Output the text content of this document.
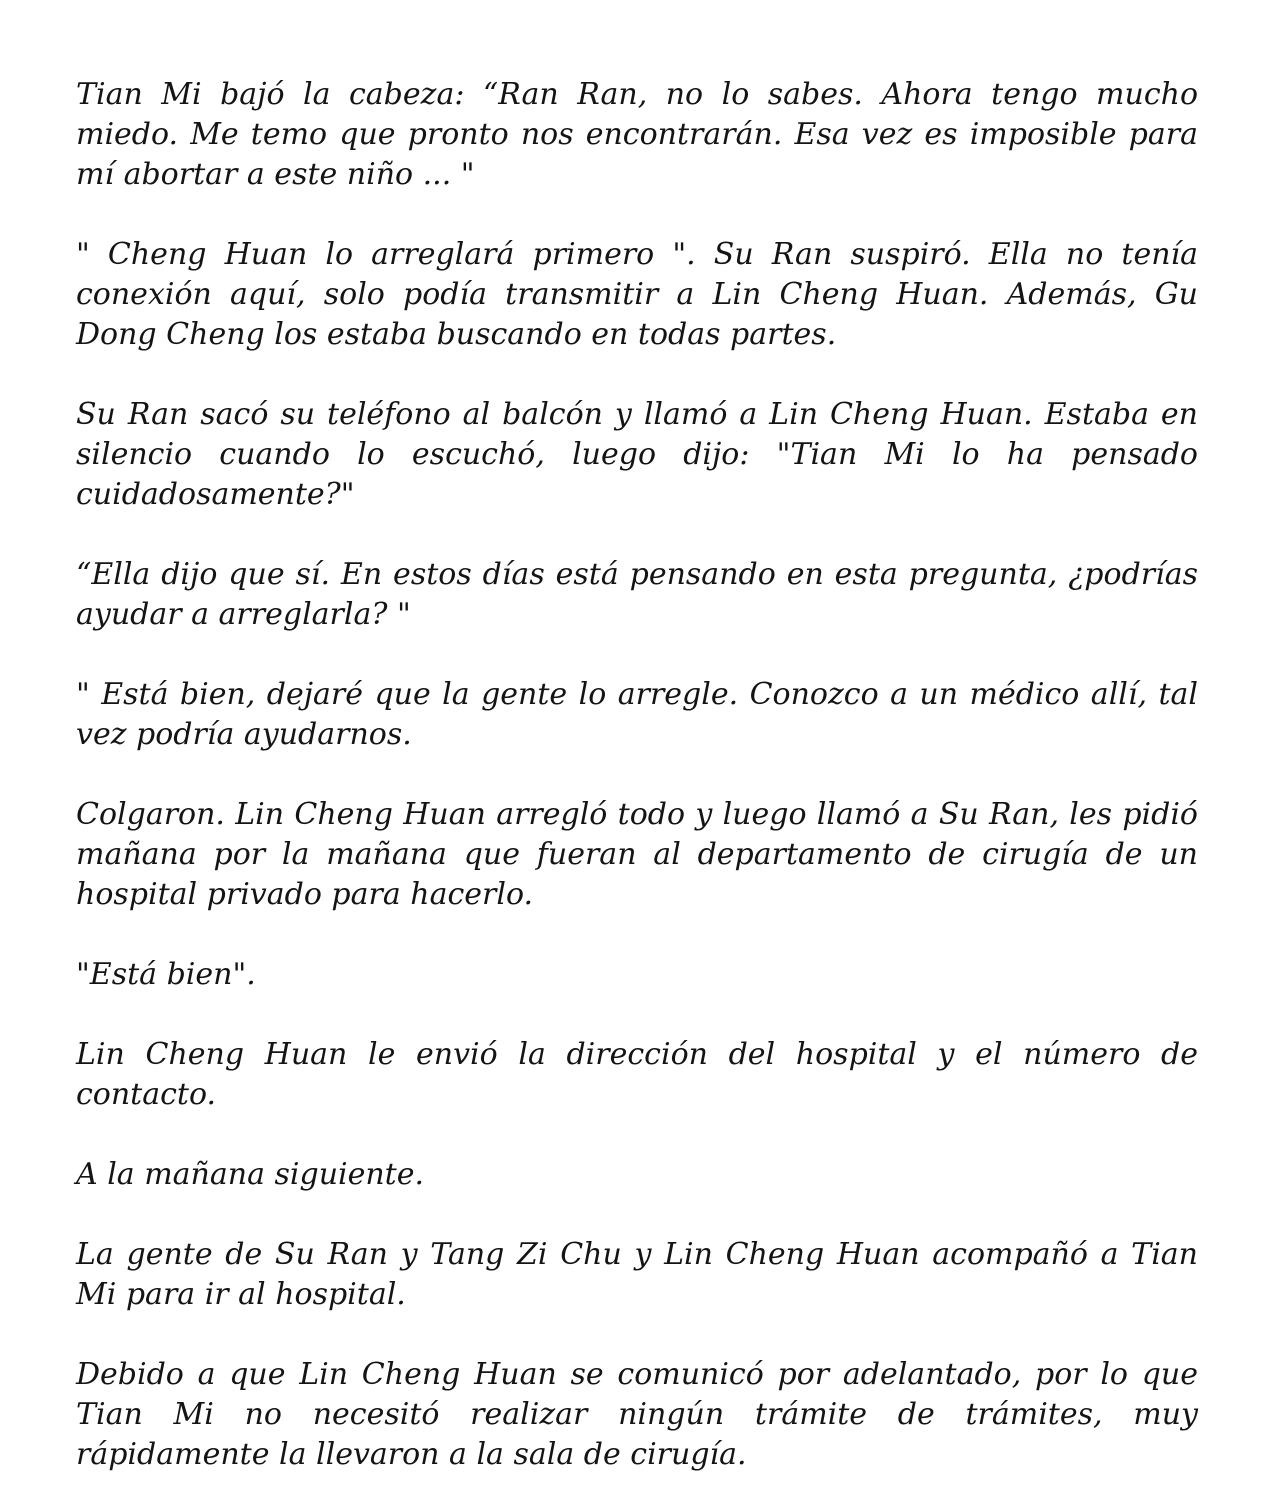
Tian Mi bajó la cabeza: “Ran Ran, no lo sabes. Ahora tengo mucho miedo. Me temo que pronto nos encontrarán. Esa vez es imposible para mí abortar a este niño ... "

" Cheng Huan lo arreglará primero ". Su Ran suspiró. Ella no tenía conexión aquí, solo podía transmitir a Lin Cheng Huan. Además, Gu Dong Cheng los estaba buscando en todas partes.

Su Ran sacó su teléfono al balcón y llamó a Lin Cheng Huan. Estaba en silencio cuando lo escuchó, luego dijo: "Tian Mi lo ha pensado cuidadosamente?"

“Ella dijo que sí. En estos días está pensando en esta pregunta, ¿podrías ayudar a arreglarla? "

" Está bien, dejaré que la gente lo arregle. Conozco a un médico allí, tal vez podría ayudarnos.

Colgaron. Lin Cheng Huan arregló todo y luego llamó a Su Ran, les pidió mañana por la mañana que fueran al departamento de cirugía de un hospital privado para hacerlo.

"Está bien".

Lin Cheng Huan le envió la dirección del hospital y el número de contacto.

A la mañana siguiente.

La gente de Su Ran y Tang Zi Chu y Lin Cheng Huan acompañó a Tian Mi para ir al hospital.

Debido a que Lin Cheng Huan se comunicó por adelantado, por lo que Tian Mi no necesitó realizar ningún trámite de trámites, muy rápidamente la llevaron a la sala de cirugía.
